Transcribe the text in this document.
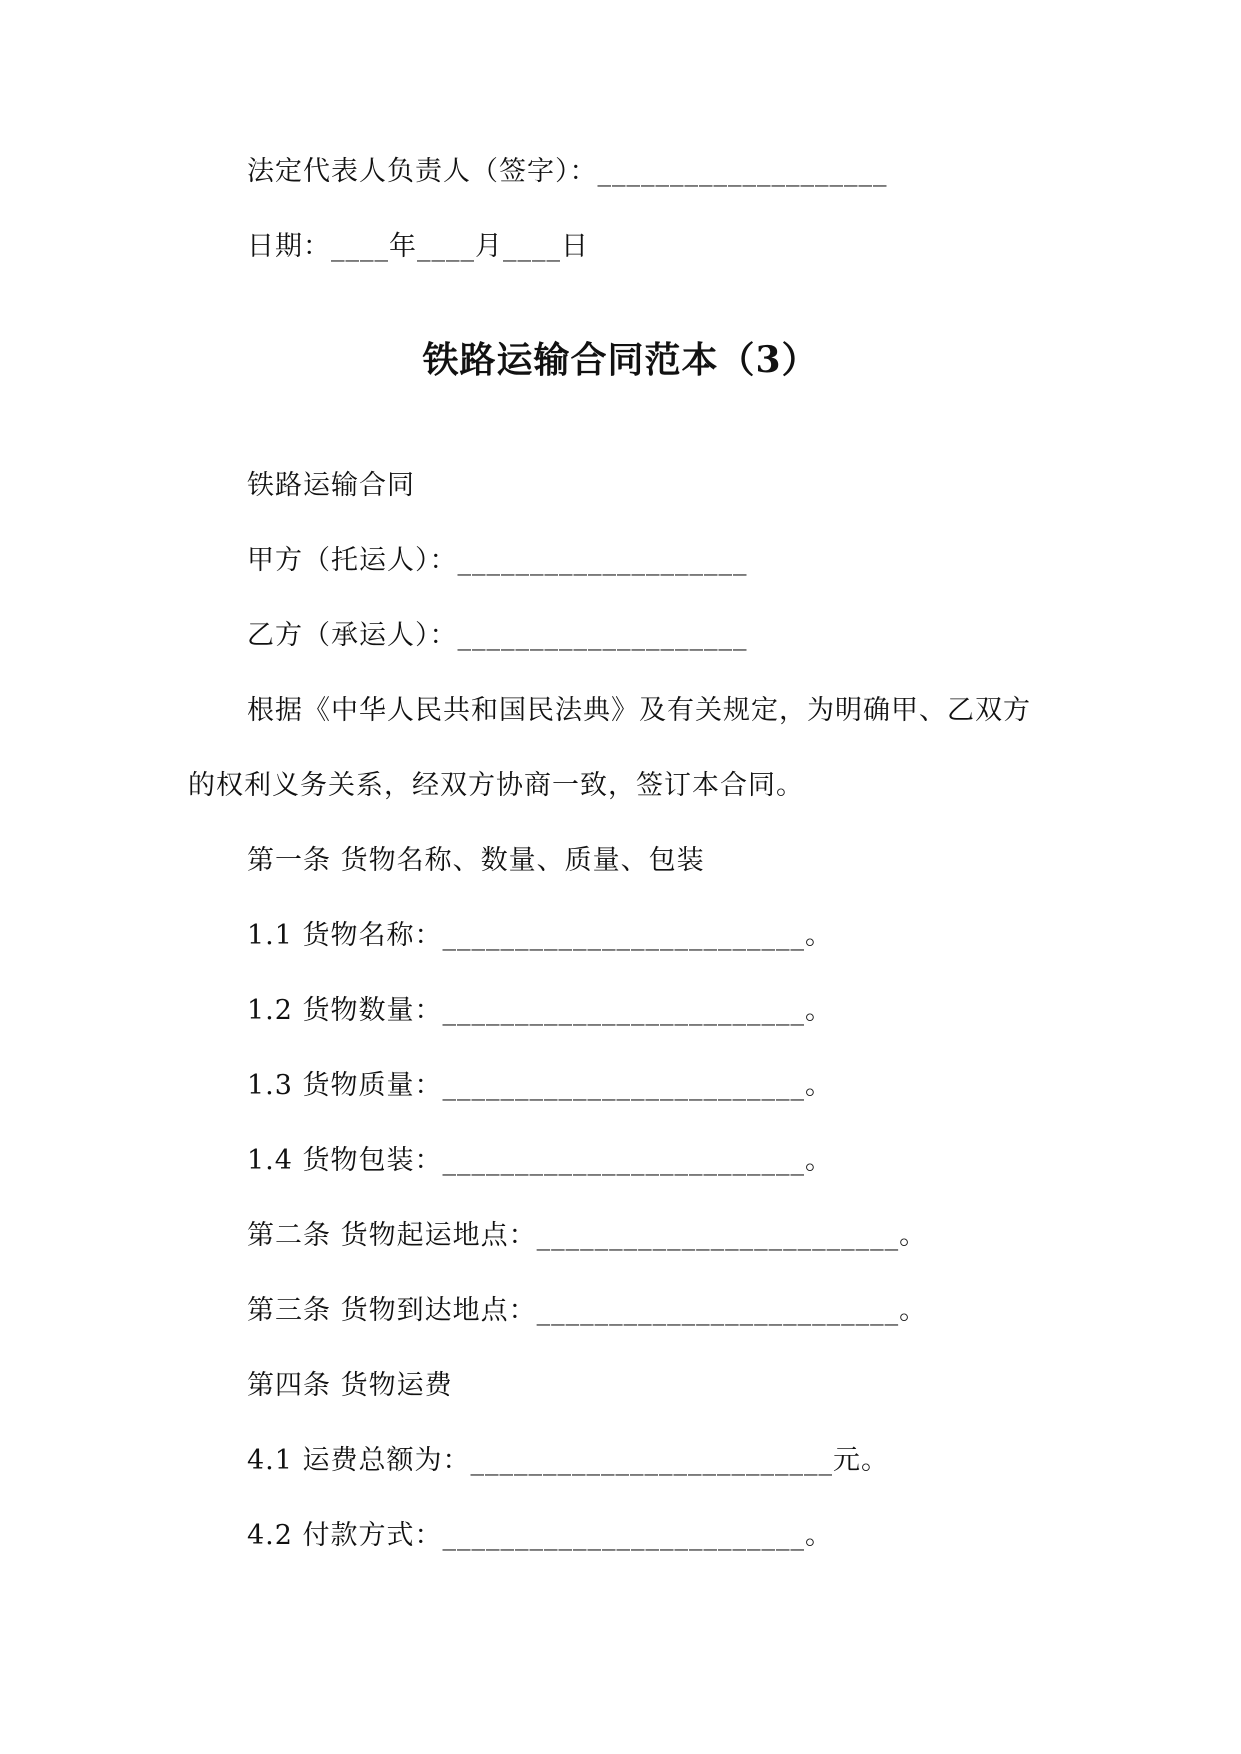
法定代表人负责人（签字）：____________________
日期：____年____月____日
铁路运输合同范本（3）
铁路运输合同
甲方（托运人）：____________________
乙方（承运人）：____________________
根据《中华人民共和国民法典》及有关规定，为明确甲、乙双方
的权利义务关系，经双方协商一致，签订本合同。
第一条 货物名称、数量、质量、包装
1.1 货物名称：_________________________。
1.2 货物数量：_________________________。
1.3 货物质量：_________________________。
1.4 货物包装：_________________________。
第二条 货物起运地点：_________________________。
第三条 货物到达地点：_________________________。
第四条 货物运费
4.1 运费总额为：_________________________元。
4.2 付款方式：_________________________。
